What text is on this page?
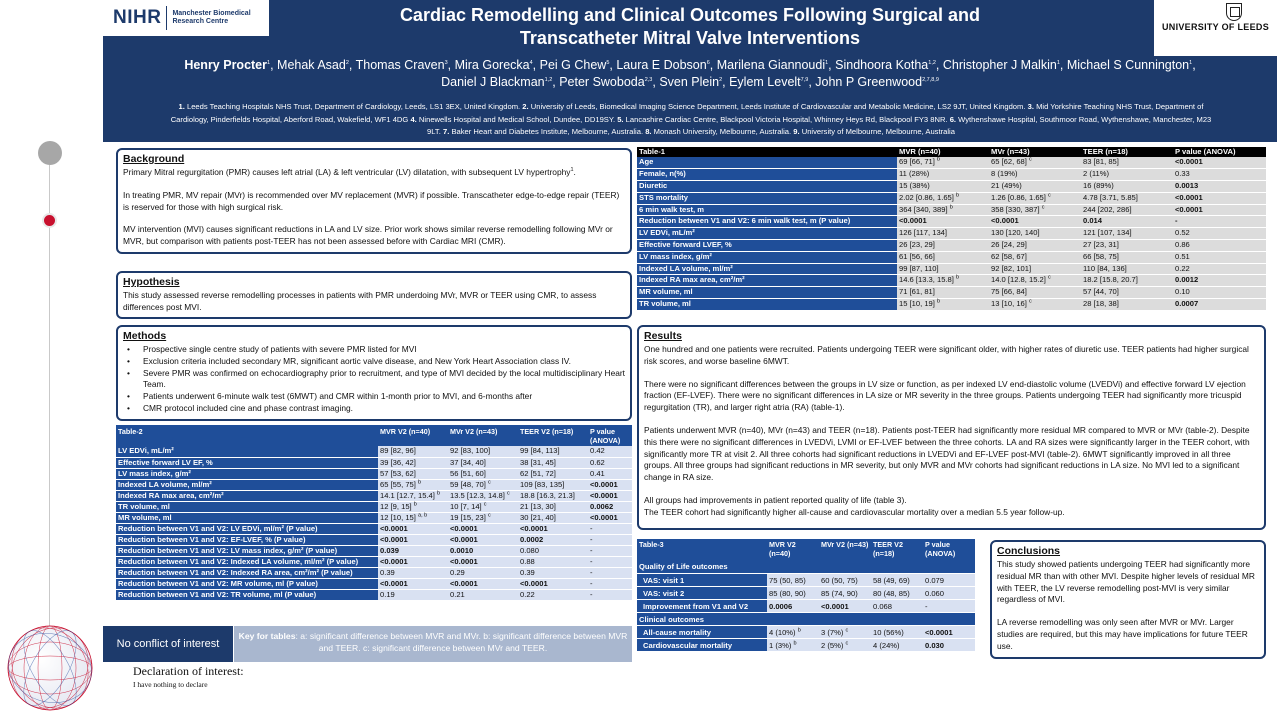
NIHR Manchester Biomedical Research Centre
UNIVERSITY OF LEEDS
Cardiac Remodelling and Clinical Outcomes Following Surgical and
Transcatheter Mitral Valve Interventions
Henry Procter$^1$, Mehak Asad$^2$, Thomas Craven$^3$, Mira Gorecka$^4$, Pei G Chew$^5$, Laura E Dobson$^6$, Marilena Giannoudi$^1$, Sindhoora Kotha$^{1,2}$, Christopher J Malkin$^1$, Michael S Cunnington$^1$,
Daniel J Blackman$^{1,2}$, Peter Swoboda$^{2,3}$, Sven Plein$^2$, Eylem Levelt$^{7,9}$, John P Greenwood$^{2,7,8,9}$
1. Leeds Teaching Hospitals NHS Trust, Department of Cardiology, Leeds, LS1 3EX, United Kingdom. 2. University of Leeds, Biomedical Imaging Science Department, Leeds Institute of Cardiovascular and Metabolic Medicine, LS2 9JT, United Kingdom. 3. Mid Yorkshire Teaching NHS Trust, Department of Cardiology, Pinderfields Hospital, Aberford Road, Wakefield, WF1 4DG 4. Ninewells Hospital and Medical School, Dundee, DD19SY. 5. Lancashire Cardiac Centre, Blackpool Victoria Hospital, Whinney Heys Rd, Blackpool FY3 8NR. 6. Wythenshawe Hospital, Southmoor Road, Wythenshawe, Manchester, M23 9LT. 7. Baker Heart and Diabetes Institute, Melbourne, Australia. 8. Monash University, Melbourne, Australia. 9. University of Melbourne, Melbourne, Australia
Background

Primary Mitral regurgitation (PMR) causes left atrial (LA) & left ventricular (LV) dilatation, with subsequent LV hypertrophy$^1$.

In treating PMR, MV repair (MVr) is recommended over MV replacement (MVR) if possible. Transcatheter edge-to-edge repair (TEER) is reserved for those with high surgical risk.

MV intervention (MVI) causes significant reductions in LA and LV size. Prior work shows similar reverse remodelling following MVr or MVR, but comparison with patients post-TEER has not been assessed before with Cardiac MRI (CMR).

Hypothesis

This study assessed reverse remodelling processes in patients with PMR underdoing MVr, MVR or TEER using CMR, to assess differences post MVI.

Methods
• Prospective single centre study of patients with severe PMR listed for MVI
• Exclusion criteria included secondary MR, significant aortic valve disease, and New York Heart Association class IV.
• Severe PMR was confirmed on echocardiography prior to recruitment, and type of MVI decided by the local multidisciplinary Heart Team.
• Patients underwent 6-minute walk test (6MWT) and CMR within 1-month prior to MVI, and 6-months after
• CMR protocol included cine and phase contrast imaging.
Table-1	MVR (n=40)	MVr (n=43)	TEER (n=18)	P value (ANOVA)
Age	69 [66, 71] $^b$	65 [62, 68] $^c$	83 [81, 85]	<0.0001
Female, n(%)	11 (28%)	8 (19%)	2 (11%)	0.33
Diuretic	15 (38%)	21 (49%)	16 (89%)	0.0013
STS mortality	2.02 [0.86, 1.65] $^b$	1.26 [0.86, 1.65] $^c$	4.78 [3.71, 5.85]	<0.0001
6 min walk test, m	364 [340, 389] $^b$	358 [330, 387] $^c$	244 [202, 286]	<0.0001
Reduction between V1 and V2: 6 min walk test, m (P value)	<0.0001	<0.0001	0.014	-
LV EDVi, mL/m²	126 [117, 134]	130 [120, 140]	121 [107, 134]	0.52
Effective forward LVEF, %	26 [23, 29]	26 [24, 29]	27 [23, 31]	0.86
LV mass index, g/m²	61 [56, 66]	62 [58, 67]	66 [58, 75]	0.51
Indexed LA volume, ml/m²	99 [87, 110]	92 [82, 101]	110 [84, 136]	0.22
Indexed RA max area, cm²/m²	14.6 [13.3, 15.8] $^b$	14.0 [12.8, 15.2] $^c$	18.2 [15.8, 20.7]	0.0012
MR volume, ml	71 [61, 81]	75 [66, 84]	57 [44, 70]	0.10
TR volume, ml	15 [10, 19] $^b$	13 [10, 16] $^c$	28 [18, 38]	0.0007
Table-2	MVR V2 (n=40)	MVr V2 (n=43)	TEER V2 (n=18)	P value (ANOVA)
LV EDVi, mL/m²	89 [82, 96]	92 [83, 100]	99 [84, 113]	0.42
Effective forward LV EF, %	39 [36, 42]	37 [34, 40]	38 [31, 45]	0.62
LV mass index, g/m²	57 [53, 62]	56 [51, 60]	62 [51, 72]	0.41
Indexed LA volume, ml/m²	65 [55, 75] $^b$	59 [48, 70] $^c$	109 [83, 135]	<0.0001
Indexed RA max area, cm²/m²	14.1 [12.7, 15.4] $^b$	13.5 [12.3, 14.8] $^c$	18.8 [16.3, 21.3]	<0.0001
TR volume, ml	12 [9, 15] $^b$	10 [7, 14] $^c$	21 [13, 30]	0.0062
MR volume, ml	12 [10, 15] $^{a, b}$	19 [15, 23] $^c$	30 [21, 40]	<0.0001
Reduction between V1 and V2: LV EDVi, ml/m² (P value)	<0.0001	<0.0001	<0.0001	-
Reduction between V1 and V2: EF-LVEF, % (P value)	<0.0001	<0.0001	0.0002	-
Reduction between V1 and V2: LV mass index, g/m² (P value)	0.039	0.0010	0.080	-
Reduction between V1 and V2: Indexed LA volume, ml/m² (P value)	<0.0001	<0.0001	0.88	-
Reduction between V1 and V2: Indexed RA area, cm²/m² (P value)	0.39	0.29	0.39	-
Reduction between V1 and V2: MR volume, ml (P value)	<0.0001	<0.0001	<0.0001	-
Reduction between V1 and V2: TR volume, ml (P value)	0.19	0.21	0.22	-
Results

One hundred and one patients were recruited. Patients undergoing TEER were significant older, with higher rates of diuretic use. TEER patients had higher surgical risk scores, and worse baseline 6MWT.

There were no significant differences between the groups in LV size or function, as per indexed LV end-diastolic volume (LVEDVi) and effective forward LV ejection fraction (EF-LVEF). There were no significant differences in LA size or MR severity in the three groups. Patients undergoing TEER had significantly more tricuspid regurgitation (TR), and larger right atria (RA) (table-1).

Patients underwent MVR (n=40), MVr (n=43) and TEER (n=18). Patients post-TEER had significantly more residual MR compared to MVR or MVr (table-2). Despite this there were no significant differences in LVEDVi, LVMI or EF-LVEF between the three cohorts. LA and RA sizes were significantly larger in the TEER cohort, with significantly more TR at visit 2. All three cohorts had significant reductions in LVEDVi and EF-LVEF post-MVI (table-2). 6MWT significantly improved in all three groups. All three groups had significant reductions in MR severity, but only MVR and MVr cohorts had significant reductions in LA size. No MVI led to a significant change in RA size.

All groups had improvements in patient reported quality of life (table 3).
The TEER cohort had significantly higher all-cause and cardiovascular mortality over a median 5.5 year follow-up.

Table-3	MVR V2 (n=40)	MVr V2 (n=43)	TEER V2 (n=18)	P value (ANOVA)
Quality of Life outcomes				
VAS: visit 1	75 (50, 85)	60 (50, 75)	58 (49, 69)	0.079
VAS: visit 2	85 (80, 90)	85 (74, 90)	80 (48, 85)	0.060
Improvement from V1 and V2	0.0006	<0.0001	0.068	-
Clinical outcomes				
All-cause mortality	4 (10%) $^b$	3 (7%) $^c$	10 (56%)	<0.0001
Cardiovascular mortality	1 (3%) $^b$	2 (5%) $^c$	4 (24%)	0.030
Conclusions

This study showed patients undergoing TEER had significantly more residual MR than with other MVI. Despite higher levels of residual MR with TEER, the LV reverse remodelling post-MVI is very similar regardless of MVI.

LA reverse remodelling was only seen after MVR or MVr. Larger studies are required, but this may have implications for future TEER use.

No conflict of interest
Key for tables: a: significant difference between MVR and MVr. b: significant difference between MVR and TEER. c: significant difference between MVr and TEER.
Declaration of interest:
I have nothing to declare
